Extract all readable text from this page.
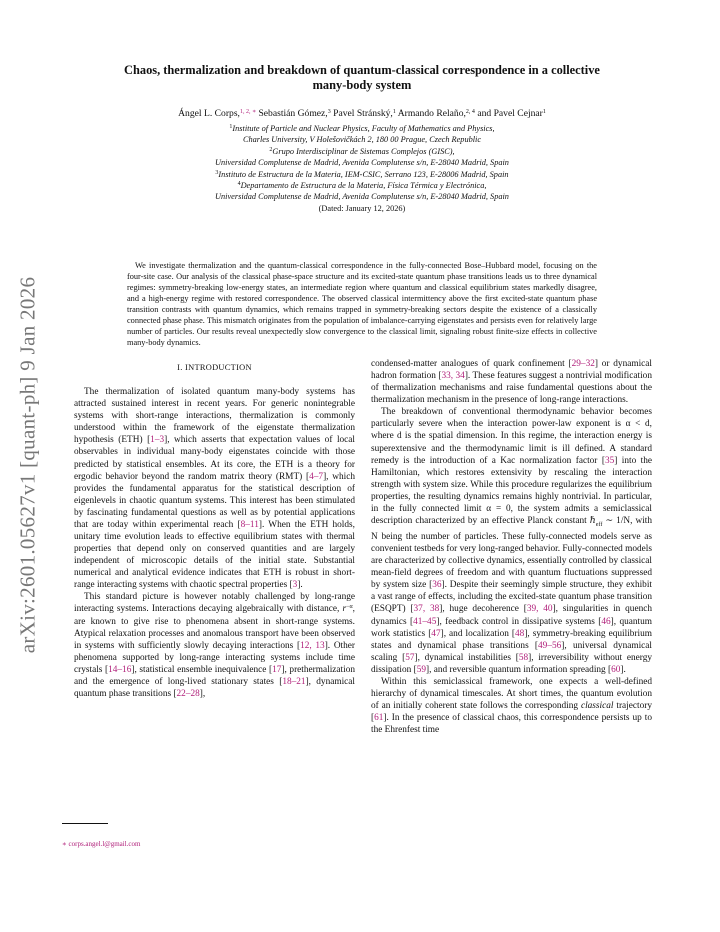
arXiv:2601.05627v1 [quant-ph] 9 Jan 2026
Chaos, thermalization and breakdown of quantum-classical correspondence in a collective
many-body system
Ángel L. Corps,$^{1, 2, ∗}$ Sebastián Gómez,$^3$ Pavel Stránský,$^1$ Armando Relaño,$^{2, 4}$ and Pavel Cejnar$^1$
$^1$Institute of Particle and Nuclear Physics, Faculty of Mathematics and Physics,
Charles University, V Holešovičkách 2, 180 00 Prague, Czech Republic
$^2$Grupo Interdisciplinar de Sistemas Complejos (GISC),
Universidad Complutense de Madrid, Avenida Complutense s/n, E-28040 Madrid, Spain
$^3$Instituto de Estructura de la Materia, IEM-CSIC, Serrano 123, E-28006 Madrid, Spain
$^4$Departamento de Estructura de la Materia, Física Térmica y Electrónica,
Universidad Complutense de Madrid, Avenida Complutense s/n, E-28040 Madrid, Spain
(Dated: January 12, 2026)

We investigate thermalization and the quantum-classical correspondence in the fully-connected Bose–Hubbard model, focusing on the four-site case. Our analysis of the classical phase-space structure and its excited-state quantum phase transitions leads us to three dynamical regimes: symmetry-breaking low-energy states, an intermediate region where quantum and classical equilibrium states markedly disagree, and a high-energy regime with restored correspondence. The observed classical intermittency above the first excited-state quantum phase transition contrasts with quantum dynamics, which remains trapped in symmetry-breaking sectors despite the existence of a classically connected phase phase. This mismatch originates from the population of imbalance-carrying eigenstates and persists even for relatively large number of particles. Our results reveal unexpectedly slow convergence to the classical limit, signaling robust finite-size effects in collective many-body dynamics.

I. INTRODUCTION

The thermalization of isolated quantum many-body systems has attracted sustained interest in recent years. For generic nonintegrable systems with short-range interactions, thermalization is commonly understood within the framework of the eigenstate thermalization hypothesis (ETH) [1–3], which asserts that expectation values of local observables in individual many-body eigenstates coincide with those predicted by statistical ensembles. At its core, the ETH is a theory for ergodic behavior beyond the random matrix theory (RMT) [4–7], which provides the fundamental apparatus for the statistical description of eigenlevels in chaotic quantum systems. This interest has been stimulated by fascinating fundamental questions as well as by potential applications that are today within experimental reach [8–11]. When the ETH holds, unitary time evolution leads to effective equilibrium states with thermal properties that depend only on conserved quantities and are largely independent of microscopic details of the initial state. Substantial numerical and analytical evidence indicates that ETH is robust in short-range interacting systems with chaotic spectral properties [3].

This standard picture is however notably challenged by long-range interacting systems. Interactions decaying algebraically with distance, $r^{-\alpha}$, are known to give rise to phenomena absent in short-range systems. Atypical relaxation processes and anomalous transport have been observed in systems with sufficiently slowly decaying interactions [12, 13]. Other phenomena supported by long-range interacting systems include time crystals [14–16], statistical ensemble inequivalence [17], prethermalization and the emergence of long-lived stationary states [18–21], dynamical quantum phase transitions [22–28],

condensed-matter analogues of quark confinement [29–32] or dynamical hadron formation [33, 34]. These features suggest a nontrivial modification of thermalization mechanisms and raise fundamental questions about the thermalization mechanism in the presence of long-range interactions.

The breakdown of conventional thermodynamic behavior becomes particularly severe when the interaction power-law exponent is α < d, where d is the spatial dimension. In this regime, the interaction energy is superextensive and the thermodynamic limit is ill defined. A standard remedy is the introduction of a Kac normalization factor [35] into the Hamiltonian, which restores extensivity by rescaling the interaction strength with system size. While this procedure regularizes the equilibrium properties, the resulting dynamics remains highly nontrivial. In particular, in the fully connected limit α = 0, the system admits a semiclassical description characterized by an effective Planck constant ℏ$_{eff}$ ∼ 1/N, with N being the number of particles. These fully-connected models serve as convenient testbeds for very long-ranged behavior. Fully-connected models are characterized by collective dynamics, essentially controlled by classical mean-field degrees of freedom and with quantum fluctuations suppressed by system size [36]. Despite their seemingly simple structure, they exhibit a vast range of effects, including the excited-state quantum phase transition (ESQPT) [37, 38], huge decoherence [39, 40], singularities in quench dynamics [41–45], feedback control in dissipative systems [46], quantum work statistics [47], and localization [48], symmetry-breaking equilibrium states and dynamical phase transitions [49–56], universal dynamical scaling [57], dynamical instabilities [58], irreversibility without energy dissipation [59], and reversible quantum information spreading [60].

Within this semiclassical framework, one expects a well-defined hierarchy of dynamical timescales. At short times, the quantum evolution of an initially coherent state follows the corresponding classical trajectory [61]. In the presence of classical chaos, this correspondence persists up to the Ehrenfest time

∗ corps.angel.l@gmail.com
